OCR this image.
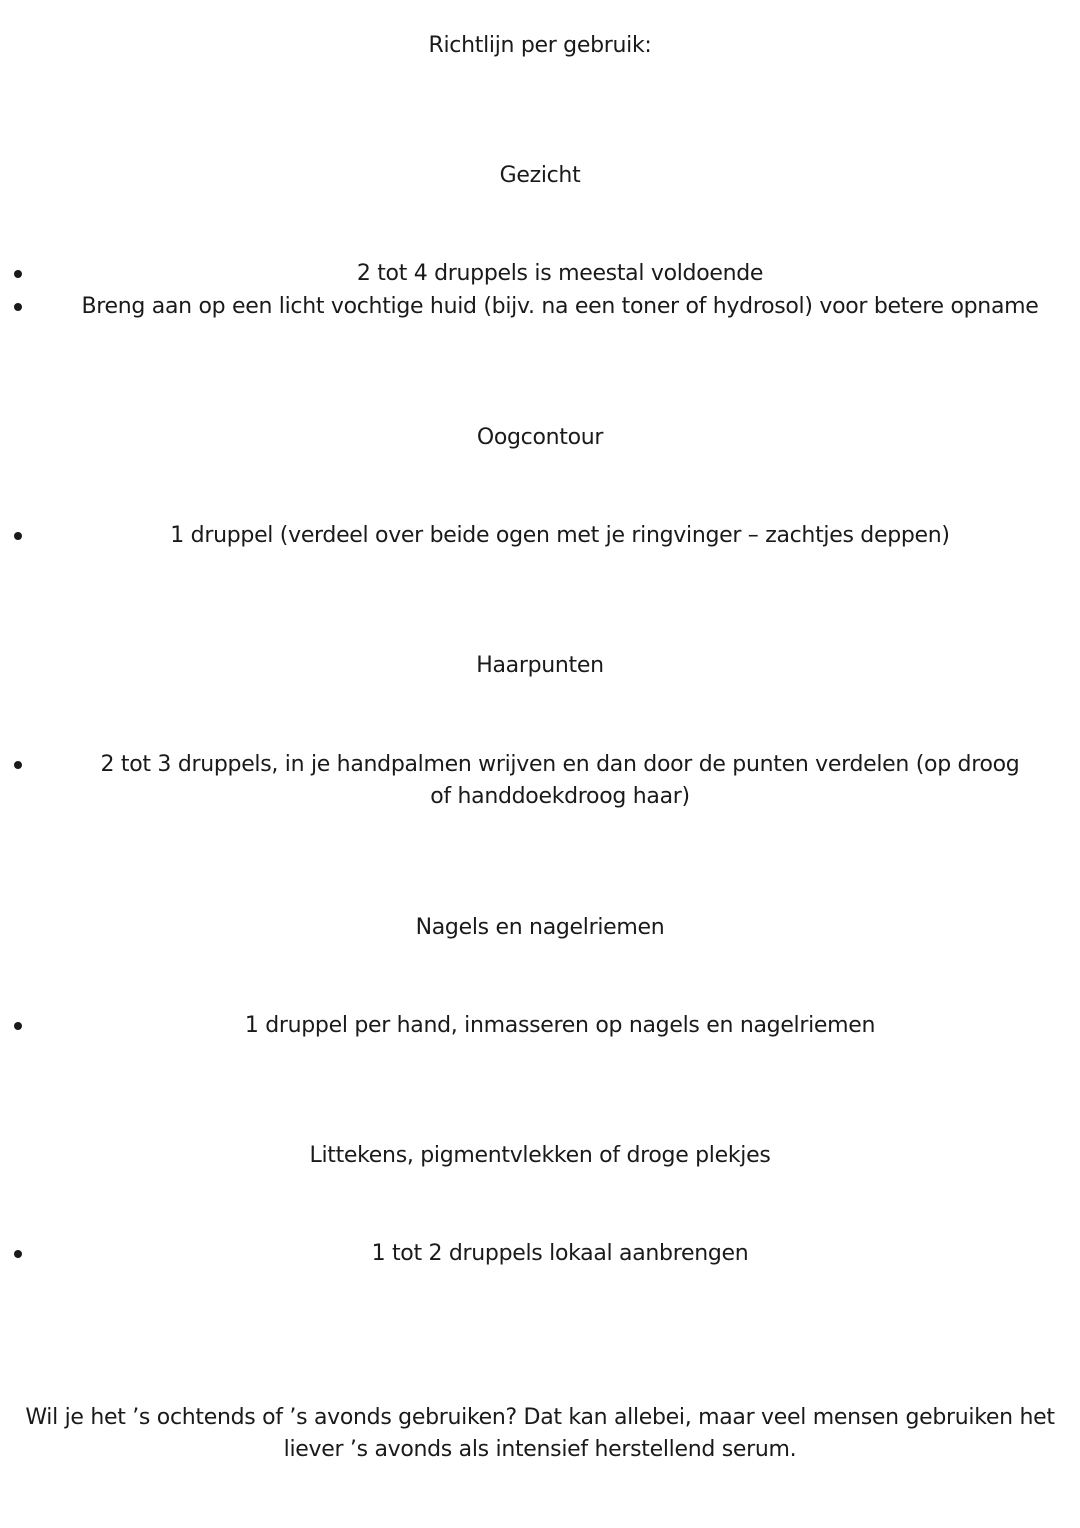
Richtlijn per gebruik:
Gezicht
2 tot 4 druppels is meestal voldoende
Breng aan op een licht vochtige huid (bijv. na een toner of hydrosol) voor betere opname
Oogcontour
1 druppel (verdeel over beide ogen met je ringvinger – zachtjes deppen)
Haarpunten
2 tot 3 druppels, in je handpalmen wrijven en dan door de punten verdelen (op droog of handdoekdroog haar)
Nagels en nagelriemen
1 druppel per hand, inmasseren op nagels en nagelriemen
Littekens, pigmentvlekken of droge plekjes
1 tot 2 druppels lokaal aanbrengen
Wil je het ’s ochtends of ’s avonds gebruiken? Dat kan allebei, maar veel mensen gebruiken het liever ’s avonds als intensief herstellend serum.
